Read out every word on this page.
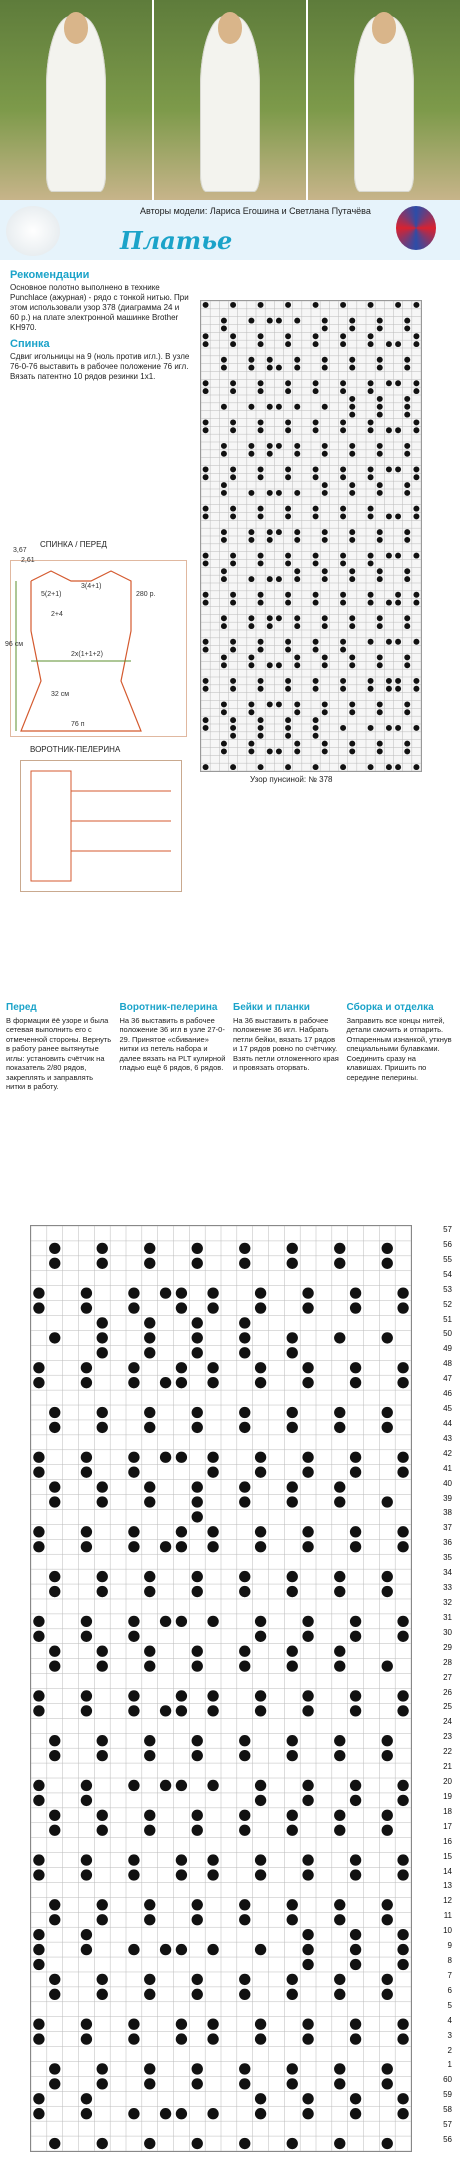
Авторы модели: Лариса Егошина и Светлана Путачёва
Платье
Рекомендации

Основное полотно выполнено в технике Punchlace (ажурная) - рядо с тонкой нитью. При этом использовали узор 378 (диаграмма 24 и 60 р.) на плате электронной машинке Brother KH970.

Спинка

Сдвиг игольницы на 9 (ноль против игл.). В узле 76-0-76 выставить в рабочее положение 76 игл. Вязать патентно 10 рядов резинки 1х1.

Узор пунсиной: № 378
СПИНКА / ПЕРЕД
3,67
2,61
280 р.
96 см
32 см
2х(1+1+2)
76 п
3(4+1)
5(2+1)
2+4
ВОРОТНИК-ПЕЛЕРИНА
Перед
В формации ёё узоре и была сетевая выполнить его с отмеченной стороны. Вернуть в работу ранее вытянутые иглы: установить счётчик на показатель 2/80 рядов, закреплять и заправлять нитки в работу.
Воротник-пелерина
На 36 выставить в рабочее положение 36 игл в узле 27-0-29. Принятое «сбивание» нитки из петель набора и далее вязать на PLT кулирной гладью ещё 6 рядов, 6 рядов.
Бейки и планки
На 36 выставить в рабочее положение 36 игл. Набрать петли бейки, вязать 17 рядов и 17 рядов ровно по счётчику. Взять петли отложенного края и провязать оторвать.
Сборка и отделка
Заправить все концы нитей, детали смочить и отпарить. Отпаренным изнанкой, уткнув специальными булавками. Соединить сразу на клавишах. Пришить по середине пелерины.
57
56
55
54
53
52
51
50
49
48
47
46
45
44
43
42
41
40
39
38
37
36
35
34
33
32
31
30
29
28
27
26
25
24
23
22
21
20
19
18
17
16
15
14
13
12
11
10
9
8
7
6
5
4
3
2
1
60
59
58
57
56
